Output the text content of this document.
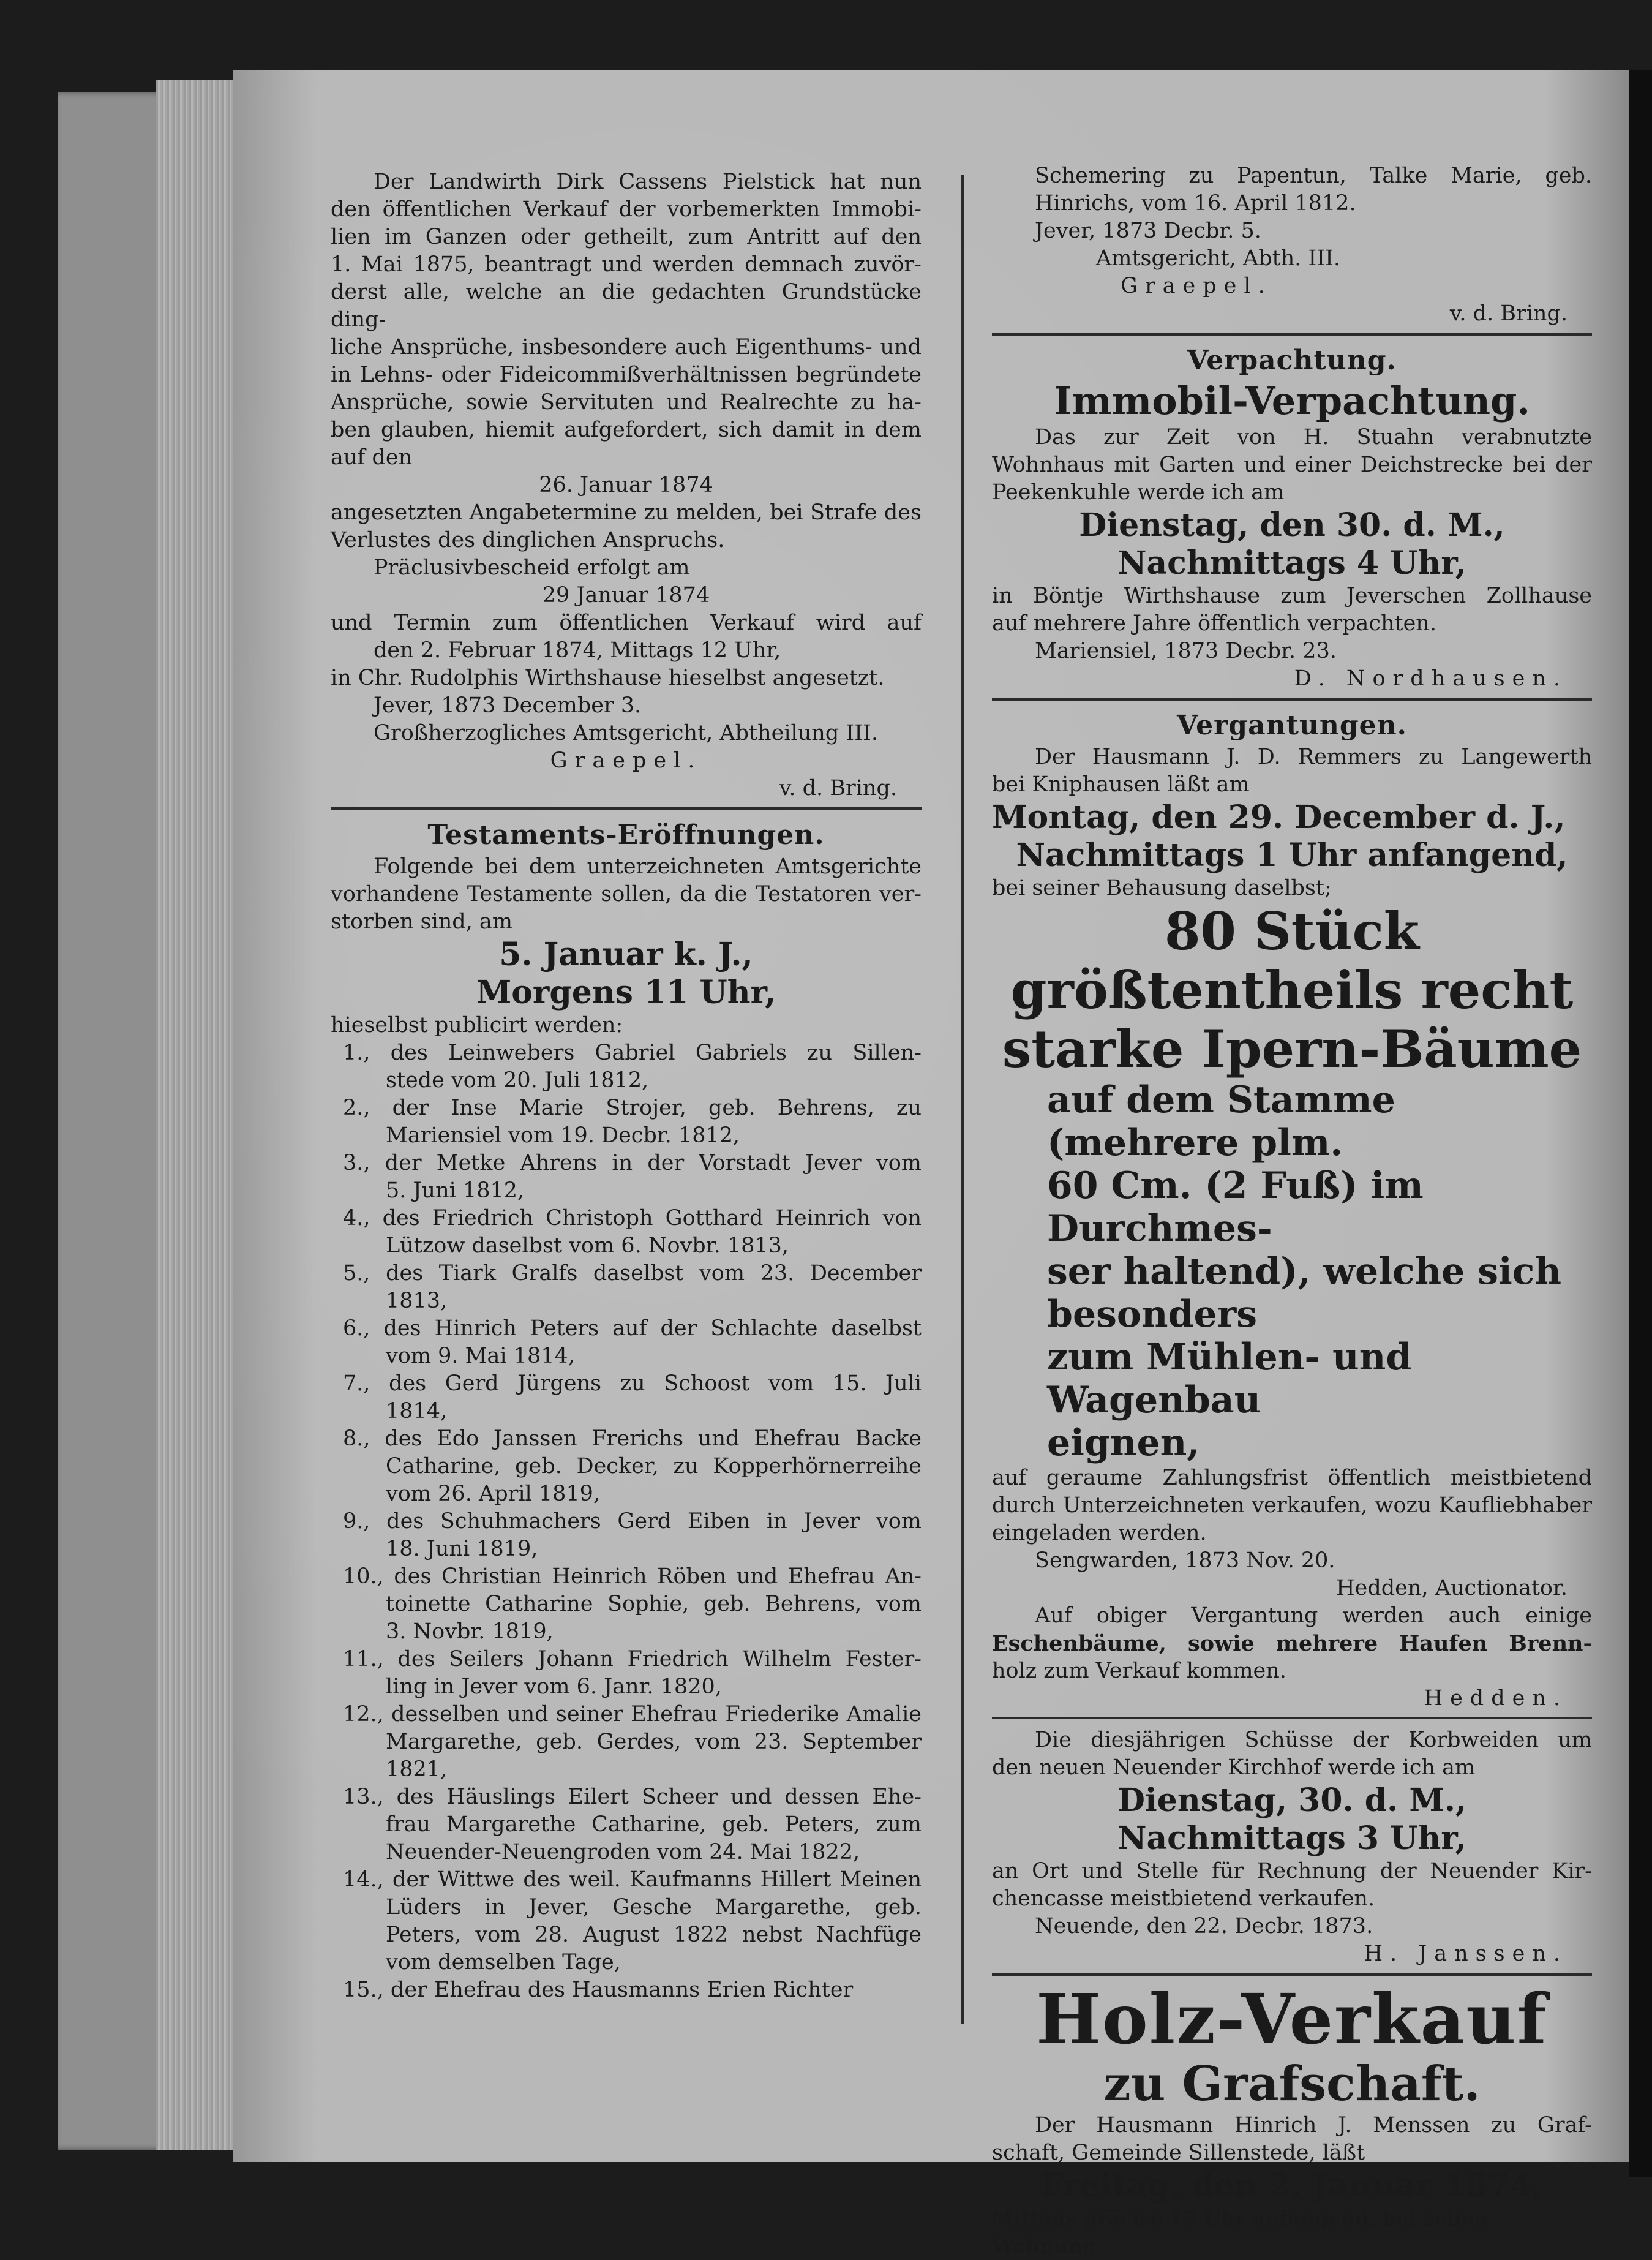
Der Landwirth Dirk Cassens Pielstick hat nun

den öffentlichen Verkauf der vorbemerkten Immobi-

lien im Ganzen oder getheilt, zum Antritt auf den

1. Mai 1875, beantragt und werden demnach zuvör-

derst alle, welche an die gedachten Grundstücke ding-

liche Ansprüche, insbesondere auch Eigenthums- und

in Lehns- oder Fideicommißverhältnissen begründete

Ansprüche, sowie Servituten und Realrechte zu ha-

ben glauben, hiemit aufgefordert, sich damit in dem

auf den

26. Januar 1874

angesetzten Angabetermine zu melden, bei Strafe des

Verlustes des dinglichen Anspruchs.

Präclusivbescheid erfolgt am

29 Januar 1874

und Termin zum öffentlichen Verkauf wird auf

den 2. Februar 1874, Mittags 12 Uhr,

in Chr. Rudolphis Wirthshause hieselbst angesetzt.

Jever, 1873 December 3.

Großherzogliches Amtsgericht, Abtheilung III.

Graepel.

v. d. Bring.

Testaments-Eröffnungen.

Folgende bei dem unterzeichneten Amtsgerichte

vorhandene Testamente sollen, da die Testatoren ver-

storben sind, am

5. Januar k. J.,

Morgens 11 Uhr,

hieselbst publicirt werden:

1., des Leinwebers Gabriel Gabriels zu Sillen-

stede vom 20. Juli 1812,

2., der Inse Marie Strojer, geb. Behrens, zu

Mariensiel vom 19. Decbr. 1812,

3., der Metke Ahrens in der Vorstadt Jever vom

5. Juni 1812,

4., des Friedrich Christoph Gotthard Heinrich von

Lützow daselbst vom 6. Novbr. 1813,

5., des Tiark Gralfs daselbst vom 23. December

1813,

6., des Hinrich Peters auf der Schlachte daselbst

vom 9. Mai 1814,

7., des Gerd Jürgens zu Schoost vom 15. Juli

1814,

8., des Edo Janssen Frerichs und Ehefrau Backe

Catharine, geb. Decker, zu Kopperhörnerreihe

vom 26. April 1819,

9., des Schuhmachers Gerd Eiben in Jever vom

18. Juni 1819,

10., des Christian Heinrich Röben und Ehefrau An-

toinette Catharine Sophie, geb. Behrens, vom

3. Novbr. 1819,

11., des Seilers Johann Friedrich Wilhelm Fester-

ling in Jever vom 6. Janr. 1820,

12., desselben und seiner Ehefrau Friederike Amalie

Margarethe, geb. Gerdes, vom 23. September

1821,

13., des Häuslings Eilert Scheer und dessen Ehe-

frau Margarethe Catharine, geb. Peters, zum

Neuender-Neuengroden vom 24. Mai 1822,

14., der Wittwe des weil. Kaufmanns Hillert Meinen

Lüders in Jever, Gesche Margarethe, geb.

Peters, vom 28. August 1822 nebst Nachfüge

vom demselben Tage,

15., der Ehefrau des Hausmanns Erien Richter

Schemering zu Papentun, Talke Marie, geb.

Hinrichs, vom 16. April 1812.

Jever, 1873 Decbr. 5.

Amtsgericht, Abth. III.

Graepel.

v. d. Bring.

Verpachtung.

Immobil-Verpachtung.

Das zur Zeit von H. Stuahn verabnutzte

Wohnhaus mit Garten und einer Deichstrecke bei der

Peekenkuhle werde ich am

Dienstag, den 30. d. M.,

Nachmittags 4 Uhr,

in Böntje Wirthshause zum Jeverschen Zollhause

auf mehrere Jahre öffentlich verpachten.

Mariensiel, 1873 Decbr. 23.

D. Nordhausen.

Vergantungen.

Der Hausmann J. D. Remmers zu Langewerth

bei Kniphausen läßt am

Montag, den 29. December d. J.,

Nachmittags 1 Uhr anfangend,

bei seiner Behausung daselbst;

80 Stück größtentheils recht

starke Ipern-Bäume

auf dem Stamme (mehrere plm.

60 Cm. (2 Fuß) im Durchmes-

ser haltend), welche sich besonders

zum Mühlen- und Wagenbau

eignen,

auf geraume Zahlungsfrist öffentlich meistbietend

durch Unterzeichneten verkaufen, wozu Kaufliebhaber

eingeladen werden.

Sengwarden, 1873 Nov. 20.

Hedden, Auctionator.

Auf obiger Vergantung werden auch einige

Eschenbäume, sowie mehrere Haufen Brenn-

holz zum Verkauf kommen.

Hedden.

Die diesjährigen Schüsse der Korbweiden um

den neuen Neuender Kirchhof werde ich am

Dienstag, 30. d. M.,

Nachmittags 3 Uhr,

an Ort und Stelle für Rechnung der Neuender Kir-

chencasse meistbietend verkaufen.

Neuende, den 22. Decbr. 1873.

H. Janssen.

Holz-Verkauf

zu Grafschaft.

Der Hausmann Hinrich J. Menssen zu Graf-

schaft, Gemeinde Sillenstede, läßt

Freitag, den 2. Januar 1874,

Mittags präcise 12 Uhr anfangend, bei seiner Wohnung
